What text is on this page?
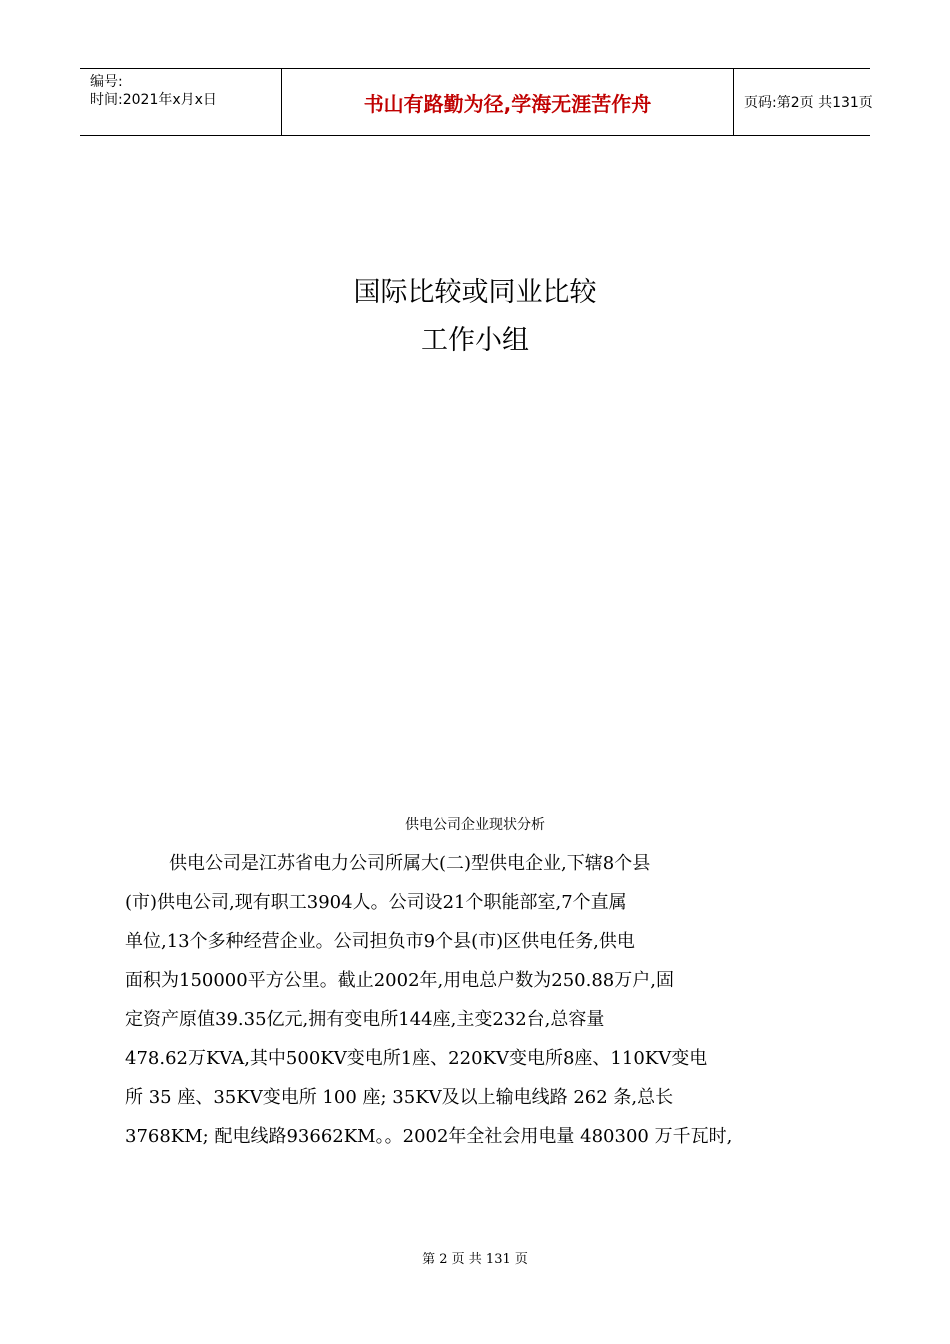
编号:
时间:2021年x月x日	书山有路勤为径,学海无涯苦作舟	页码:第2页 共131页
国际比较或同业比较
工作小组
供电公司企业现状分析
供电公司是江苏省电力公司所属大(二)型供电企业,下辖8个县
(市)供电公司,现有职工3904人。公司设21个职能部室,7个直属
单位,13个多种经营企业。公司担负市9个县(市)区供电任务,供电
面积为150000平方公里。截止2002年,用电总户数为250.88万户,固
定资产原值39.35亿元,拥有变电所144座,主变232台,总容量
478.62万KVA,其中500KV变电所1座、220KV变电所8座、110KV变电
所 35 座、35KV变电所 100 座; 35KV及以上输电线路 262 条,总长
3768KM; 配电线路93662KM。。2002年全社会用电量 480300 万千瓦时,
第 2 页 共 131 页
